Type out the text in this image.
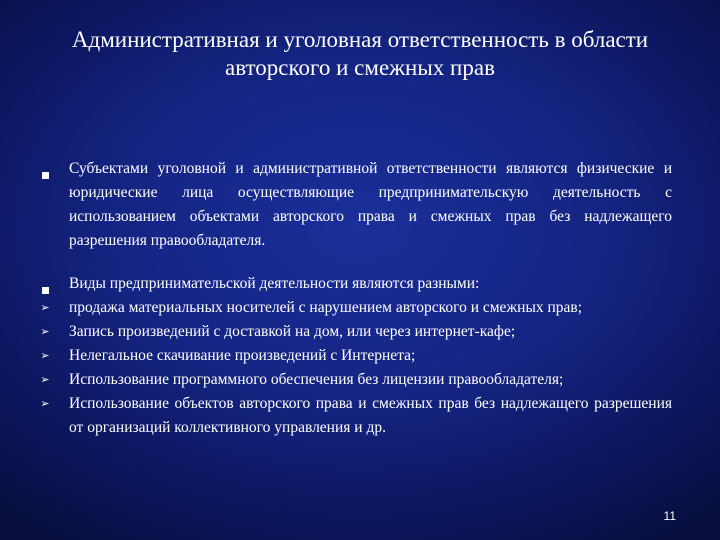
Административная и уголовная ответственность в области
авторского и смежных прав
Субъектами уголовной и административной ответственности являются физические и юридические лица осуществляющие предпринимательскую деятельность с использованием объектами авторского права и смежных прав без надлежащего разрешения правообладателя.
Виды предпринимательской деятельности являются разными:
➢ продажа материальных носителей с нарушением авторского и смежных прав;
➢ Запись произведений с доставкой на дом, или через интернет-кафе;
➢ Нелегальное скачивание произведений с Интернета;
➢ Использование программного обеспечения без лицензии правообладателя;
➢ Использование объектов авторского права и смежных прав без надлежащего разрешения от организаций коллективного управления и др.
11
